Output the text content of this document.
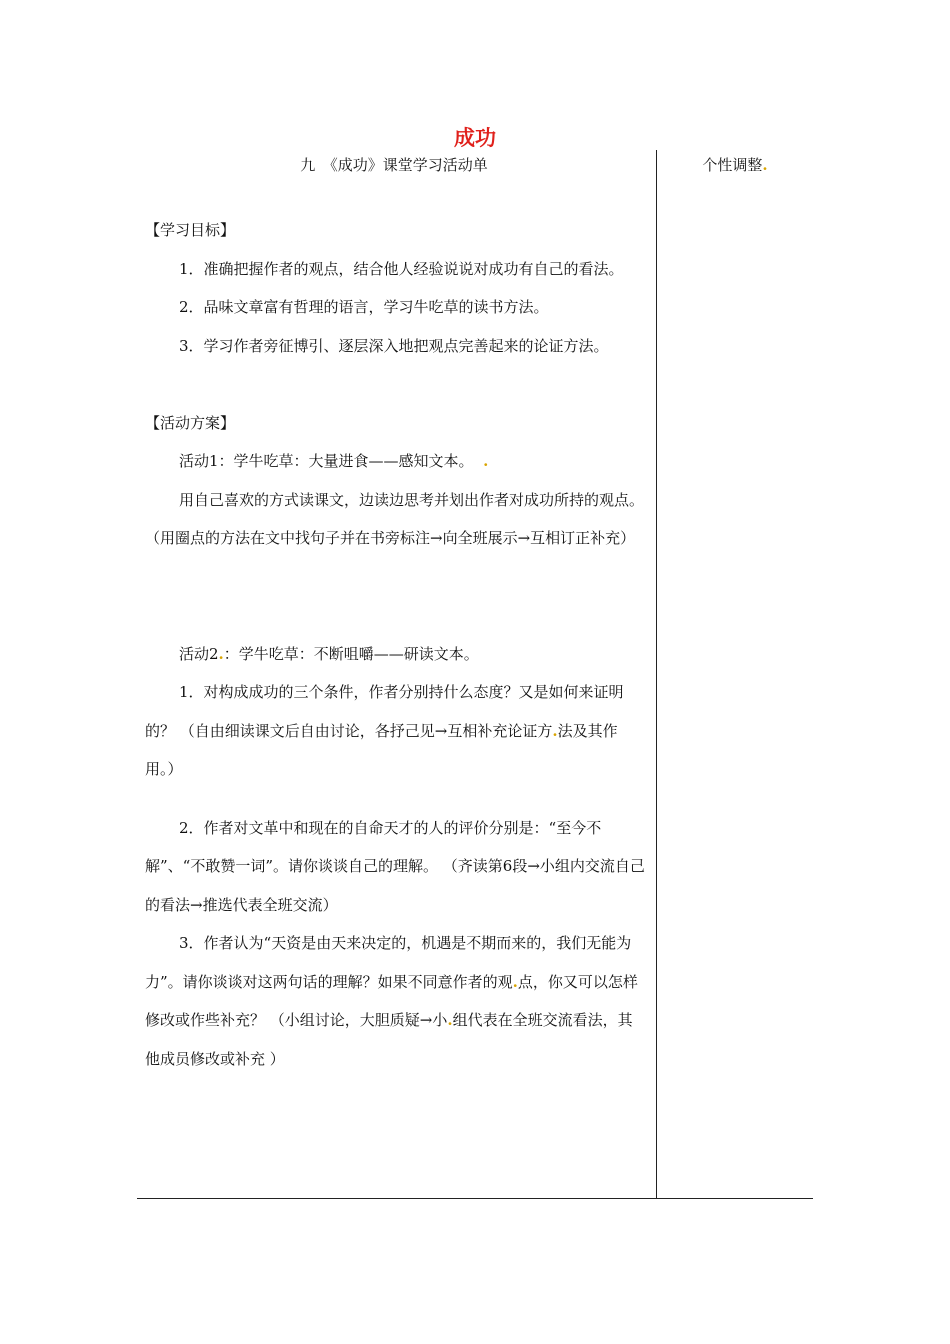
成功
九　《成功》课堂学习活动单	个性调整.

【学习目标】

1．准确把握作者的观点，结合他人经验说说对成功有自己的看法。

2．品味文章富有哲理的语言，学习牛吃草的读书方法。

3．学习作者旁征博引、逐层深入地把观点完善起来的论证方法。

【活动方案】

活动1：学牛吃草：大量进食——感知文本。 .

用自己喜欢的方式读课文，边读边思考并划出作者对成功所持的观点。（用圈点的方法在文中找句子并在书旁标注→向全班展示→互相订正补充）

活动2.：学牛吃草：不断咀嚼——研读文本。

1．对构成成功的三个条件，作者分别持什么态度？又是如何来证明的？ （自由细读课文后自由讨论，各抒己见→互相补充论证方.法及其作用。）

2．作者对文革中和现在的自命天才的人的评价分别是：“至今不解”、“不敢赞一词”。请你谈谈自己的理解。 （齐读第6段→小组内交流自己的看法→推选代表全班交流）

3．作者认为“天资是由天来决定的，机遇是不期而来的，我们无能为力”。请你谈谈对这两句话的理解？如果不同意作者的观.点，你又可以怎样修改或作些补充？ （小组讨论，大胆质疑→小.组代表在全班交流看法，其他成员修改或补充 ）
